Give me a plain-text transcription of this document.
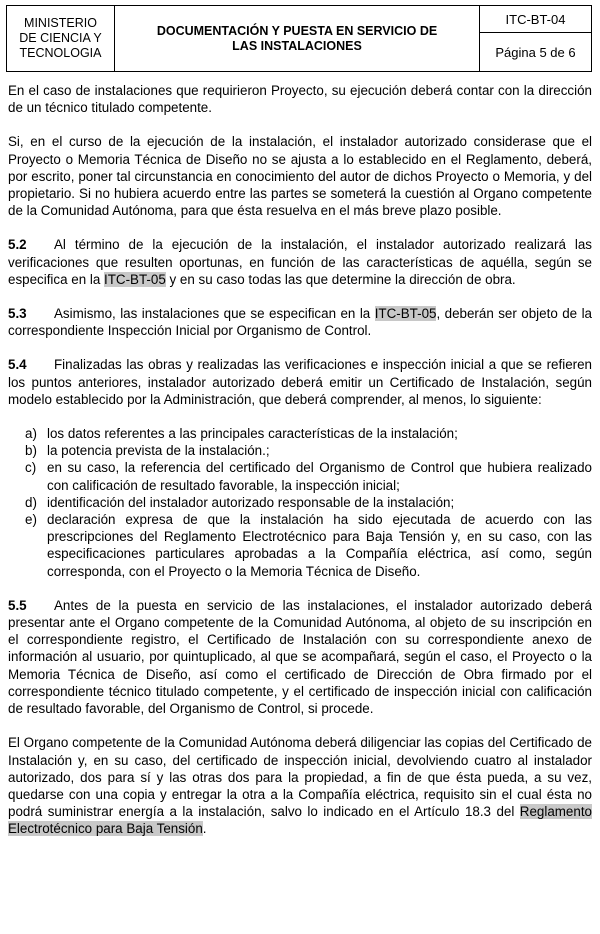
MINISTERIO
DE CIENCIA Y
TECNOLOGIA
DOCUMENTACIÓN Y PUESTA EN SERVICIO DE
LAS INSTALACIONES
ITC-BT-04
Página 5 de 6

En el caso de instalaciones que requirieron Proyecto, su ejecución deberá contar con la dirección de un técnico titulado competente.

Si, en el curso de la ejecución de la instalación, el instalador autorizado considerase que el Proyecto o Memoria Técnica de Diseño no se ajusta a lo establecido en el Reglamento, deberá, por escrito, poner tal circunstancia en conocimiento del autor de dichos Proyecto o Memoria, y del propietario. Si no hubiera acuerdo entre las partes se someterá la cuestión al Organo competente de la Comunidad Autónoma, para que ésta resuelva en el más breve plazo posible.

5.2 Al término de la ejecución de la instalación, el instalador autorizado realizará las verificaciones que resulten oportunas, en función de las características de aquélla, según se especifica en la ITC-BT-05 y en su caso todas las que determine la dirección de obra.

5.3 Asimismo, las instalaciones que se especifican en la ITC-BT-05, deberán ser objeto de la correspondiente Inspección Inicial por Organismo de Control.

5.4 Finalizadas las obras y realizadas las verificaciones e inspección inicial a que se refieren los puntos anteriores, instalador autorizado deberá emitir un Certificado de Instalación, según modelo establecido por la Administración, que deberá comprender, al menos, lo siguiente:

a) los datos referentes a las principales características de la instalación;
b) la potencia prevista de la instalación.;
c) en su caso, la referencia del certificado del Organismo de Control que hubiera realizado con calificación de resultado favorable, la inspección inicial;
d) identificación del instalador autorizado responsable de la instalación;
e) declaración expresa de que la instalación ha sido ejecutada de acuerdo con las prescripciones del Reglamento Electrotécnico para Baja Tensión y, en su caso, con las especificaciones particulares aprobadas a la Compañía eléctrica, así como, según corresponda, con el Proyecto o la Memoria Técnica de Diseño.

5.5 Antes de la puesta en servicio de las instalaciones, el instalador autorizado deberá presentar ante el Organo competente de la Comunidad Autónoma, al objeto de su inscripción en el correspondiente registro, el Certificado de Instalación con su correspondiente anexo de información al usuario, por quintuplicado, al que se acompañará, según el caso, el Proyecto o la Memoria Técnica de Diseño, así como el certificado de Dirección de Obra firmado por el correspondiente técnico titulado competente, y el certificado de inspección inicial con calificación de resultado favorable, del Organismo de Control, si procede.

El Organo competente de la Comunidad Autónoma deberá diligenciar las copias del Certificado de Instalación y, en su caso, del certificado de inspección inicial, devolviendo cuatro al instalador autorizado, dos para sí y las otras dos para la propiedad, a fin de que ésta pueda, a su vez, quedarse con una copia y entregar la otra a la Compañía eléctrica, requisito sin el cual ésta no podrá suministrar energía a la instalación, salvo lo indicado en el Artículo 18.3 del Reglamento Electrotécnico para Baja Tensión.
